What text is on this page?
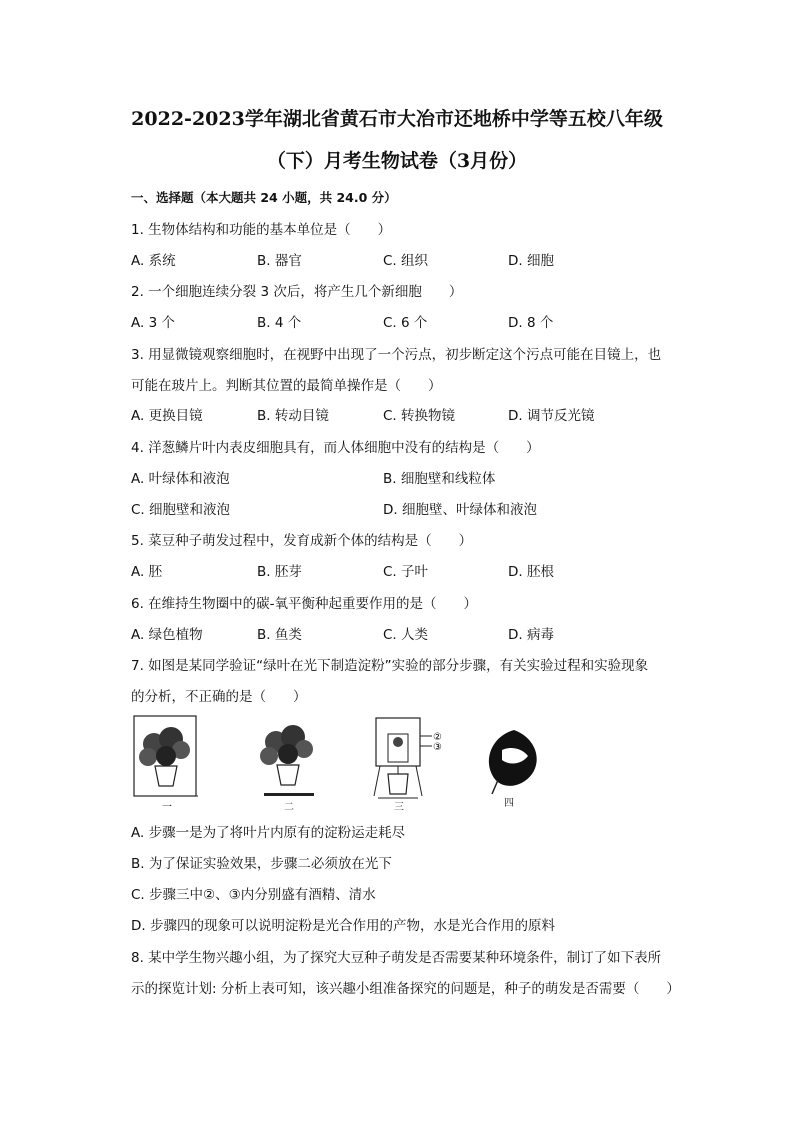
2022-2023学年湖北省黄石市大冶市还地桥中学等五校八年级
（下）月考生物试卷（3月份）
一、选择题（本大题共 24 小题，共 24.0 分）
1. 生物体结构和功能的基本单位是（　　）
A. 系统	B. 器官	C. 组织	D. 细胞
2. 一个细胞连续分裂 3 次后，将产生几个新细胞　　）
A. 3 个	B. 4 个	C. 6 个	D. 8 个
3. 用显微镜观察细胞时，在视野中出现了一个污点，初步断定这个污点可能在目镜上，也
可能在玻片上。判断其位置的最简单操作是（　　）
A. 更换目镜	B. 转动目镜	C. 转换物镜	D. 调节反光镜
4. 洋葱鳞片叶内表皮细胞具有，而人体细胞中没有的结构是（　　）
A. 叶绿体和液泡	B. 细胞壁和线粒体
C. 细胞壁和液泡	D. 细胞壁、叶绿体和液泡
5. 菜豆种子萌发过程中，发育成新个体的结构是（　　）
A. 胚	B. 胚芽	C. 子叶	D. 胚根
6. 在维持生物圈中的碳-氧平衡种起重要作用的是（　　）
A. 绿色植物	B. 鱼类	C. 人类	D. 病毒
7. 如图是某同学验证“绿叶在光下制造淀粉”实验的部分步骤，有关实验过程和实验现象
的分析，不正确的是（　　）
②
③
一	二	三	四
A. 步骤一是为了将叶片内原有的淀粉运走耗尽
B. 为了保证实验效果，步骤二必须放在光下
C. 步骤三中②、③内分别盛有酒精、清水
D. 步骤四的现象可以说明淀粉是光合作用的产物，水是光合作用的原料
8. 某中学生物兴趣小组，为了探究大豆种子萌发是否需要某种环境条件，制订了如下表所
示的探览计划: 分析上表可知，该兴趣小组准备探究的问题是，种子的萌发是否需要（　　）
